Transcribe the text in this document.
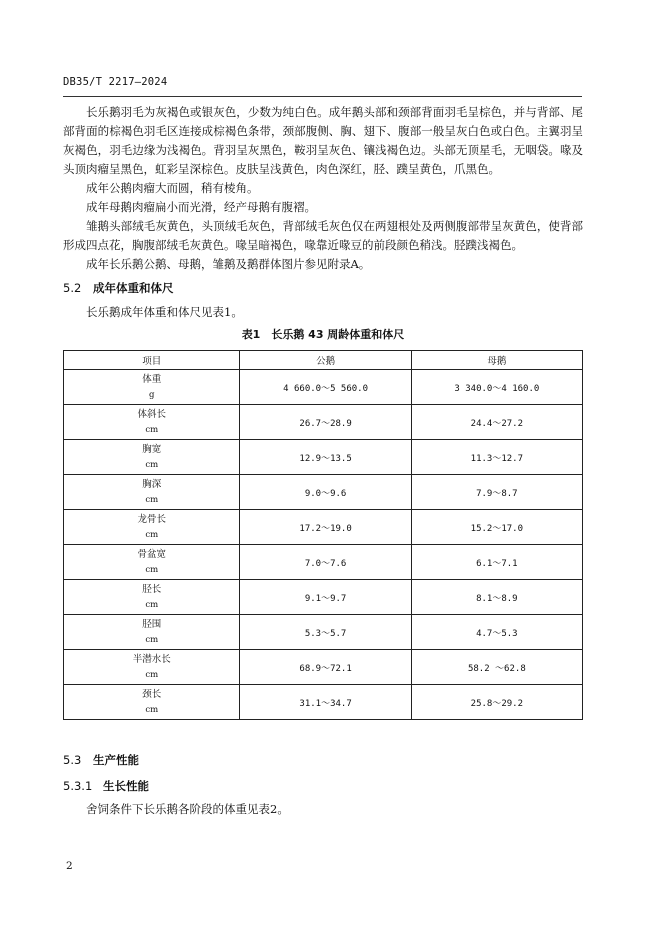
DB35/T 2217—2024

长乐鹅羽毛为灰褐色或银灰色，少数为纯白色。成年鹅头部和颈部背面羽毛呈棕色，并与背部、尾部背面的棕褐色羽毛区连接成棕褐色条带，颈部腹侧、胸、翅下、腹部一般呈灰白色或白色。主翼羽呈灰褐色，羽毛边缘为浅褐色。背羽呈灰黑色，鞍羽呈灰色、镶浅褐色边。头部无顶星毛，无咽袋。喙及头顶肉瘤呈黑色，虹彩呈深棕色。皮肤呈浅黄色，肉色深红，胫、蹼呈黄色，爪黑色。

成年公鹅肉瘤大而圆，稍有棱角。

成年母鹅肉瘤扁小而光滑，经产母鹅有腹褶。

雏鹅头部绒毛灰黄色，头顶绒毛灰色，背部绒毛灰色仅在两翅根处及两侧腹部带呈灰黄色，使背部形成四点花，胸腹部绒毛灰黄色。喙呈暗褐色，喙靠近喙豆的前段颜色稍浅。胫蹼浅褐色。

成年长乐鹅公鹅、母鹅，雏鹅及鹅群体图片参见附录A。

5.2 成年体重和体尺

长乐鹅成年体重和体尺见表1。

表1　长乐鹅 43 周龄体重和体尺
项目	公鹅	母鹅

体重
g	4 660.0～5 560.0	3 340.0～4 160.0

体斜长
cm	26.7～28.9	24.4～27.2

胸宽
cm	12.9～13.5	11.3～12.7

胸深
cm	9.0～9.6	7.9～8.7

龙骨长
cm	17.2～19.0	15.2～17.0

骨盆宽
cm	7.0～7.6	6.1～7.1

胫长
cm	9.1～9.7	8.1～8.9

胫围
cm	5.3～5.7	4.7～5.3

半潜水长
cm	68.9～72.1	58.2 ～62.8

颈长
cm	31.1～34.7	25.8～29.2
5.3 生产性能
5.3.1 生长性能

舍饲条件下长乐鹅各阶段的体重见表2。

2
